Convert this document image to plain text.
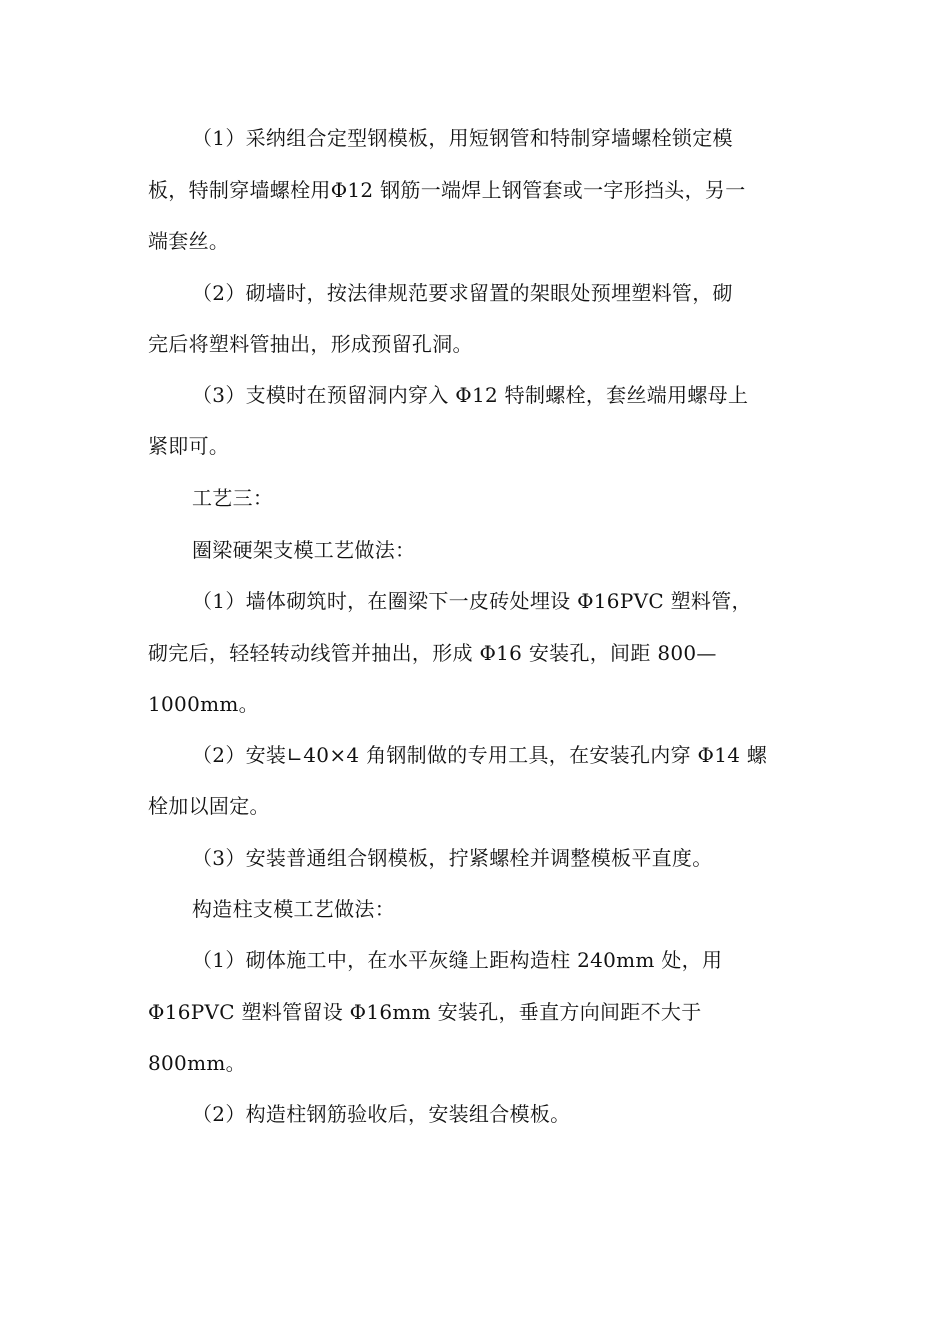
（1）采纳组合定型钢模板，用短钢管和特制穿墙螺栓锁定模
板，特制穿墙螺栓用Φ12 钢筋一端焊上钢管套或一字形挡头，另一
端套丝。
（2）砌墙时，按法律规范要求留置的架眼处预埋塑料管，砌
完后将塑料管抽出，形成预留孔洞。
（3）支模时在预留洞内穿入 Φ12 特制螺栓，套丝端用螺母上
紧即可。
工艺三：
圈梁硬架支模工艺做法：
（1）墙体砌筑时，在圈梁下一皮砖处埋设 Φ16PVC 塑料管，
砌完后，轻轻转动线管并抽出，形成 Φ16 安装孔，间距 800—
1000mm。
（2）安装∟40×4 角钢制做的专用工具，在安装孔内穿 Φ14 螺
栓加以固定。
（3）安装普通组合钢模板，拧紧螺栓并调整模板平直度。
构造柱支模工艺做法：
（1）砌体施工中，在水平灰缝上距构造柱 240mm 处，用
Φ16PVC 塑料管留设 Φ16mm 安装孔，垂直方向间距不大于
800mm。
（2）构造柱钢筋验收后，安装组合模板。
